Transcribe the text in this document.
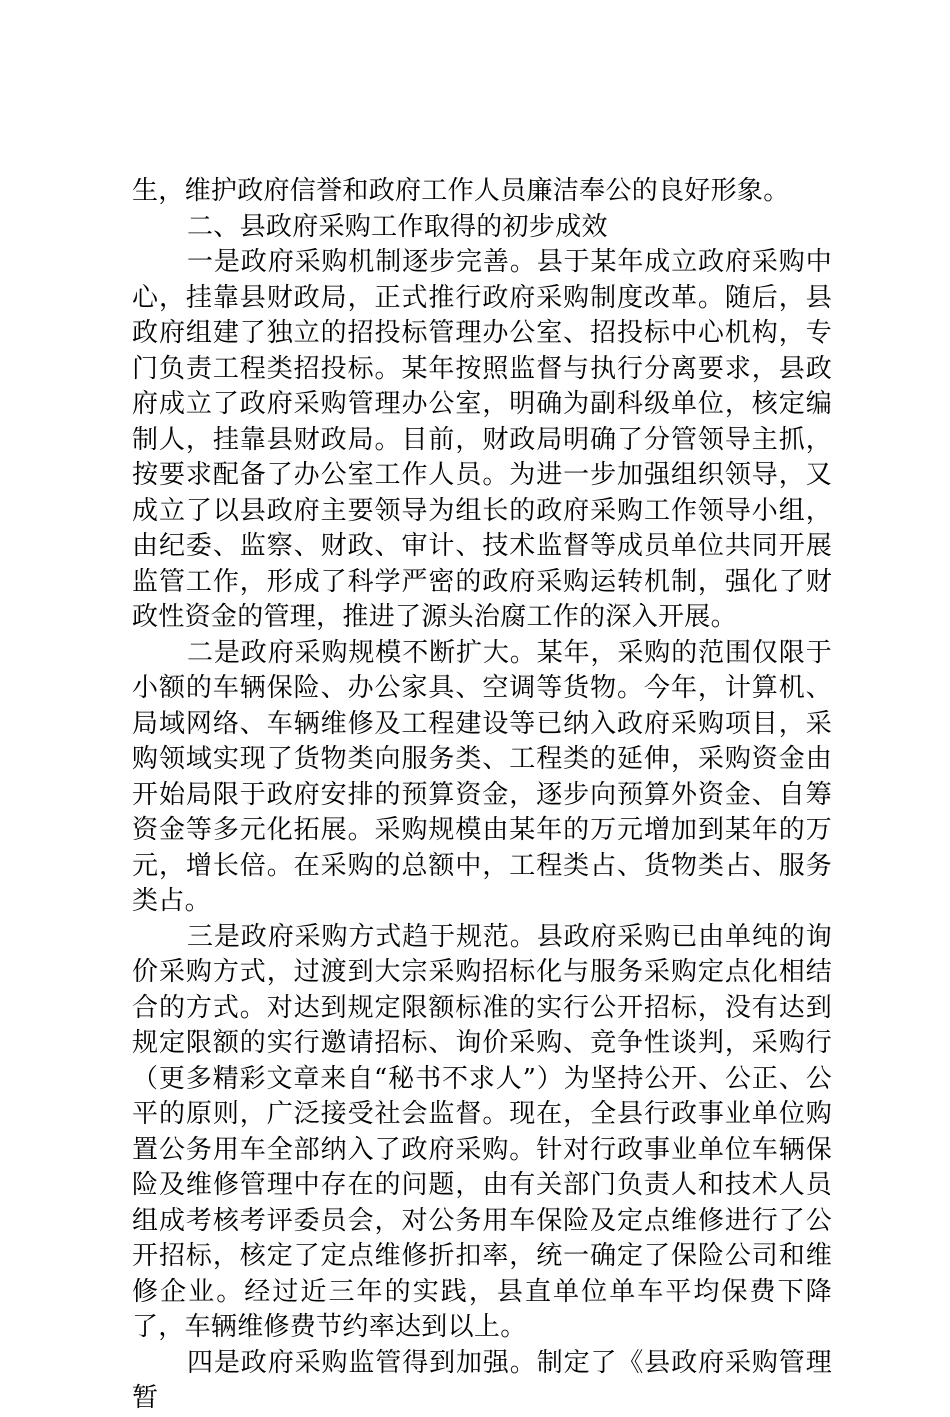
生，维护政府信誉和政府工作人员廉洁奉公的良好形象。

二、县政府采购工作取得的初步成效

一是政府采购机制逐步完善。县于某年成立政府采购中心，挂靠县财政局，正式推行政府采购制度改革。随后，县政府组建了独立的招投标管理办公室、招投标中心机构，专门负责工程类招投标。某年按照监督与执行分离要求，县政府成立了政府采购管理办公室，明确为副科级单位，核定编制人，挂靠县财政局。目前，财政局明确了分管领导主抓，按要求配备了办公室工作人员。为进一步加强组织领导，又成立了以县政府主要领导为组长的政府采购工作领导小组，由纪委、监察、财政、审计、技术监督等成员单位共同开展监管工作，形成了科学严密的政府采购运转机制，强化了财政性资金的管理，推进了源头治腐工作的深入开展。

二是政府采购规模不断扩大。某年，采购的范围仅限于小额的车辆保险、办公家具、空调等货物。今年，计算机、局域网络、车辆维修及工程建设等已纳入政府采购项目，采购领域实现了货物类向服务类、工程类的延伸，采购资金由开始局限于政府安排的预算资金，逐步向预算外资金、自筹资金等多元化拓展。采购规模由某年的万元增加到某年的万元，增长倍。在采购的总额中，工程类占、货物类占、服务类占。

三是政府采购方式趋于规范。县政府采购已由单纯的询价采购方式，过渡到大宗采购招标化与服务采购定点化相结合的方式。对达到规定限额标准的实行公开招标，没有达到规定限额的实行邀请招标、询价采购、竞争性谈判，采购行（更多精彩文章来自“秘书不求人”）为坚持公开、公正、公平的原则，广泛接受社会监督。现在，全县行政事业单位购置公务用车全部纳入了政府采购。针对行政事业单位车辆保险及维修管理中存在的问题，由有关部门负责人和技术人员组成考核考评委员会，对公务用车保险及定点维修进行了公开招标，核定了定点维修折扣率，统一确定了保险公司和维修企业。经过近三年的实践，县直单位单车平均保费下降了，车辆维修费节约率达到以上。

四是政府采购监管得到加强。制定了《县政府采购管理暂
